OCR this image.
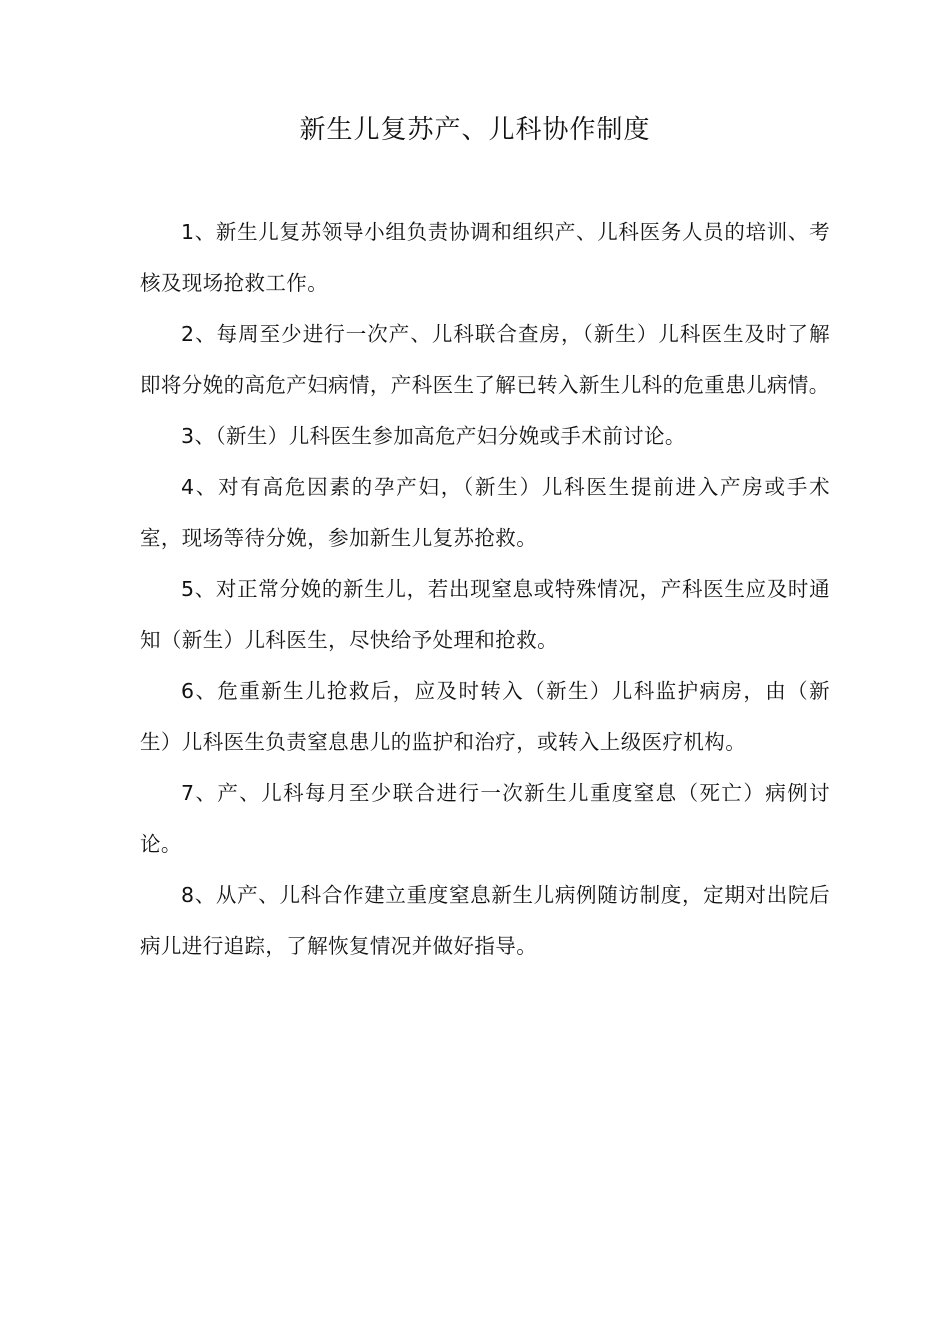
新生儿复苏产、儿科协作制度

1、新生儿复苏领导小组负责协调和组织产、儿科医务人员的培训、考核及现场抢救工作。

2、每周至少进行一次产、儿科联合查房，（新生）儿科医生及时了解即将分娩的高危产妇病情，产科医生了解已转入新生儿科的危重患儿病情。

3、（新生）儿科医生参加高危产妇分娩或手术前讨论。

4、对有高危因素的孕产妇，（新生）儿科医生提前进入产房或手术室，现场等待分娩，参加新生儿复苏抢救。

5、对正常分娩的新生儿，若出现窒息或特殊情况，产科医生应及时通知（新生）儿科医生，尽快给予处理和抢救。

6、危重新生儿抢救后，应及时转入（新生）儿科监护病房，由（新生）儿科医生负责窒息患儿的监护和治疗，或转入上级医疗机构。

7、产、儿科每月至少联合进行一次新生儿重度窒息（死亡）病例讨论。

8、从产、儿科合作建立重度窒息新生儿病例随访制度，定期对出院后病儿进行追踪，了解恢复情况并做好指导。
